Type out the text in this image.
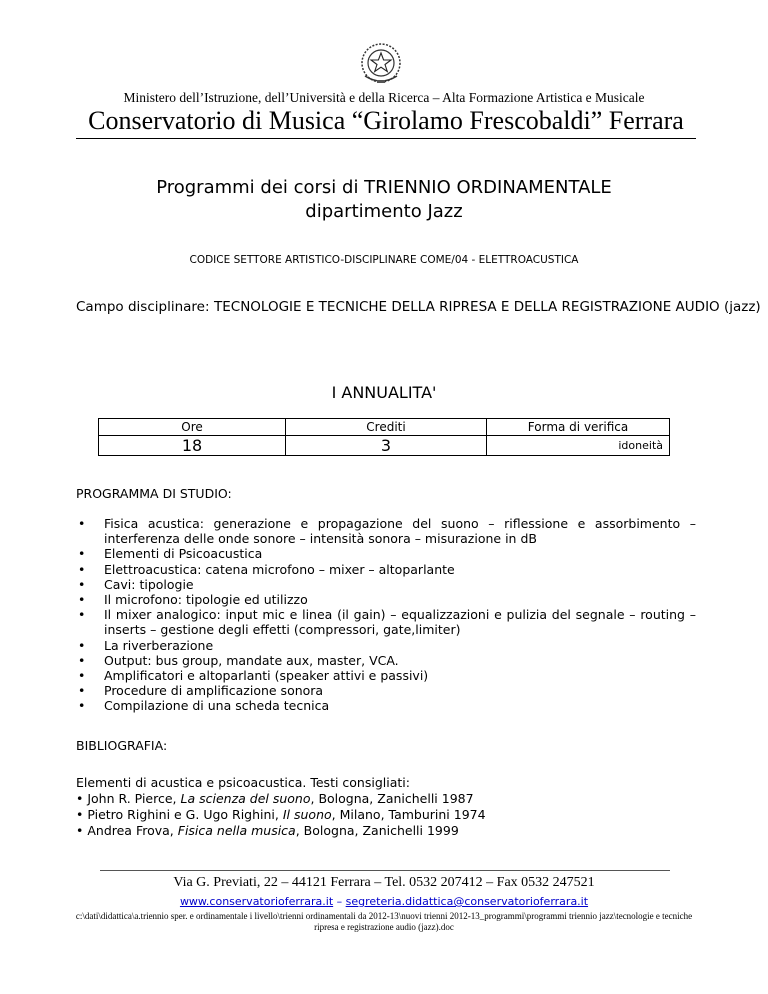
Ministero dell’Istruzione, dell’Università e della Ricerca – Alta Formazione Artistica e Musicale
Conservatorio di Musica “Girolamo Frescobaldi” Ferrara
Programmi dei corsi di TRIENNIO ORDINAMENTALE
dipartimento Jazz
CODICE SETTORE ARTISTICO-DISCIPLINARE COME/04 - ELETTROACUSTICA
Campo disciplinare: TECNOLOGIE E TECNICHE DELLA RIPRESA E DELLA REGISTRAZIONE AUDIO (jazz)
I ANNUALITA'
Ore	Crediti	Forma di verifica
18	3	idoneità
PROGRAMMA DI STUDIO:
• Fisica acustica: generazione e propagazione del suono – riflessione e assorbimento – interferenza delle onde sonore – intensità sonora – misurazione in dB
• Elementi di Psicoacustica
• Elettroacustica: catena microfono – mixer – altoparlante
• Cavi: tipologie
• Il microfono: tipologie ed utilizzo
• Il mixer analogico: input mic e linea (il gain) – equalizzazioni e pulizia del segnale – routing – inserts – gestione degli effetti (compressori, gate,limiter)
• La riverberazione
• Output: bus group, mandate aux, master, VCA.
• Amplificatori e altoparlanti (speaker attivi e passivi)
• Procedure di amplificazione sonora
• Compilazione di una scheda tecnica
BIBLIOGRAFIA:
Elementi di acustica e psicoacustica. Testi consigliati:
• John R. Pierce, La scienza del suono, Bologna, Zanichelli 1987
• Pietro Righini e G. Ugo Righini, Il suono, Milano, Tamburini 1974
• Andrea Frova, Fisica nella musica, Bologna, Zanichelli 1999
Via G. Previati, 22 – 44121 Ferrara – Tel. 0532 207412 – Fax 0532 247521
www.conservatorioferrara.it – segreteria.didattica@conservatorioferrara.it
c:\dati\didattica\a.triennio sper. e ordinamentale i livello\trienni ordinamentali da 2012-13\nuovi trienni 2012-13_programmi\programmi triennio jazz\tecnologie e tecniche ripresa e registrazione audio (jazz).doc
